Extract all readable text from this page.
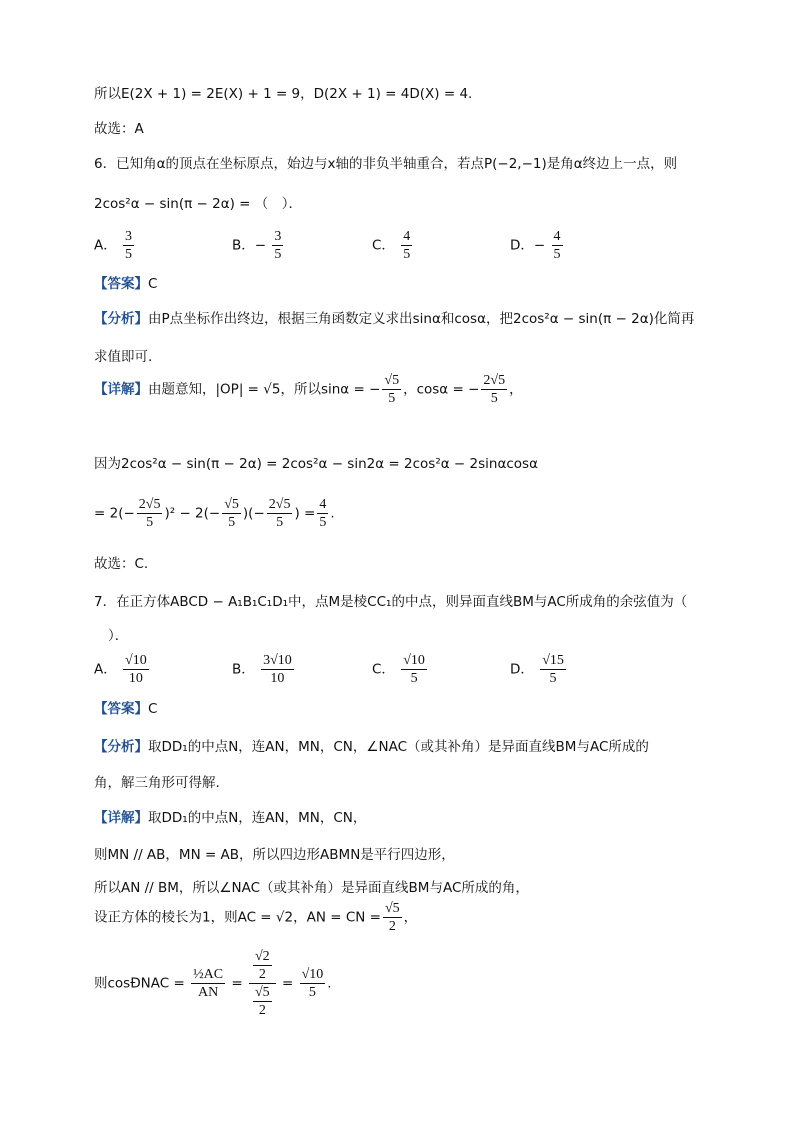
所以E(2X + 1) = 2E(X) + 1 = 9，D(2X + 1) = 4D(X) = 4.
故选：A
6．已知角α的顶点在坐标原点，始边与x轴的非负半轴重合，若点P(−2,−1)是角α终边上一点，则
2cos²α − sin(π − 2α) = （　）．
A． $\frac{3}{5}$	B．− $\frac{3}{5}$	C． $\frac{4}{5}$	D．− $\frac{4}{5}$
【答案】C
【分析】由P点坐标作出终边，根据三角函数定义求出sinα和cosα，把2cos²α − sin(π − 2α)化简再
求值即可.
【详解】由题意知，|OP| = √5，所以sinα = − $\frac{√5}{5}$ ，cosα = − $\frac{2√5}{5}$ ，
因为2cos²α − sin(π − 2α) = 2cos²α − sin2α = 2cos²α − 2sinαcosα
= $2(- \frac{2√5}{5} )^2 - 2(- \frac{√5}{5}$ )(− $\frac{2√5}{5}$ ) = $\frac{4}{5}$ .
故选：C.
7．在正方体ABCD − A₁B₁C₁D₁中，点M是棱CC₁的中点，则异面直线BM与AC所成角的余弦值为（
）．
A． $\frac{√10}{10}$	B． $\frac{3√10}{10}$	C． $\frac{√10}{5}$	D． $\frac{√15}{5}$
【答案】C
【分析】取DD₁的中点N，连AN，MN，CN，∠NAC（或其补角）是异面直线BM与AC所成的
角，解三角形可得解.
【详解】取DD₁的中点N，连AN，MN，CN，
则MN // AB，MN = AB，所以四边形ABMN是平行四边形，
所以AN // BM，所以∠NAC（或其补角）是异面直线BM与AC所成的角，
设正方体的棱长为1，则AC = √2，AN = CN = $\frac{√5}{2}$ ，
则cosÐNAC = $\frac{\text{½AC}}{AN} = \frac{\frac{√2}{2}}{\frac{√5}{2}} = \frac{√10}{5}$ .
